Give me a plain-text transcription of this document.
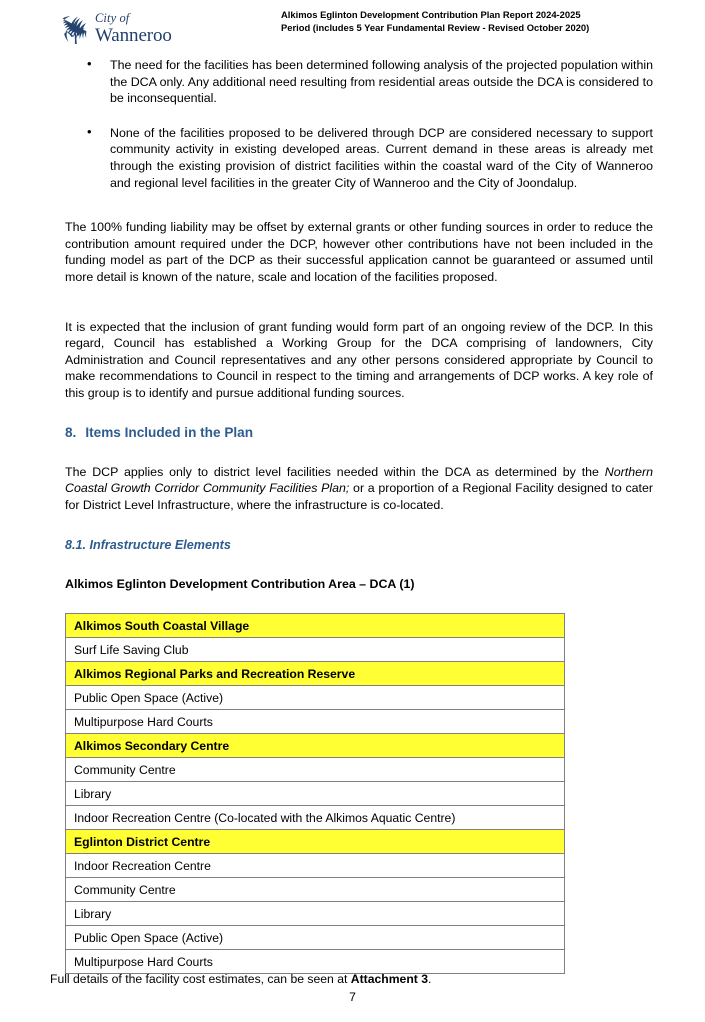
City of
Wanneroo
Alkimos Eglinton Development Contribution Plan Report 2024-2025
Period (includes 5 Year Fundamental Review - Revised October 2020)
• The need for the facilities has been determined following analysis of the projected population within the DCA only. Any additional need resulting from residential areas outside the DCA is considered to be inconsequential.
• None of the facilities proposed to be delivered through DCP are considered necessary to support community activity in existing developed areas. Current demand in these areas is already met through the existing provision of district facilities within the coastal ward of the City of Wanneroo and regional level facilities in the greater City of Wanneroo and the City of Joondalup.

The 100% funding liability may be offset by external grants or other funding sources in order to reduce the contribution amount required under the DCP, however other contributions have not been included in the funding model as part of the DCP as their successful application cannot be guaranteed or assumed until more detail is known of the nature, scale and location of the facilities proposed.

It is expected that the inclusion of grant funding would form part of an ongoing review of the DCP. In this regard, Council has established a Working Group for the DCA comprising of landowners, City Administration and Council representatives and any other persons considered appropriate by Council to make recommendations to Council in respect to the timing and arrangements of DCP works. A key role of this group is to identify and pursue additional funding sources.

8. Items Included in the Plan

The DCP applies only to district level facilities needed within the DCA as determined by the Northern Coastal Growth Corridor Community Facilities Plan; or a proportion of a Regional Facility designed to cater for District Level Infrastructure, where the infrastructure is co-located.

8.1. Infrastructure Elements

Alkimos Eglinton Development Contribution Area – DCA (1)

Alkimos South Coastal Village
Surf Life Saving Club
Alkimos Regional Parks and Recreation Reserve
Public Open Space (Active)
Multipurpose Hard Courts
Alkimos Secondary Centre
Community Centre
Library
Indoor Recreation Centre (Co-located with the Alkimos Aquatic Centre)
Eglinton District Centre
Indoor Recreation Centre
Community Centre
Library
Public Open Space (Active)
Multipurpose Hard Courts
Full details of the facility cost estimates, can be seen at Attachment 3.
7
